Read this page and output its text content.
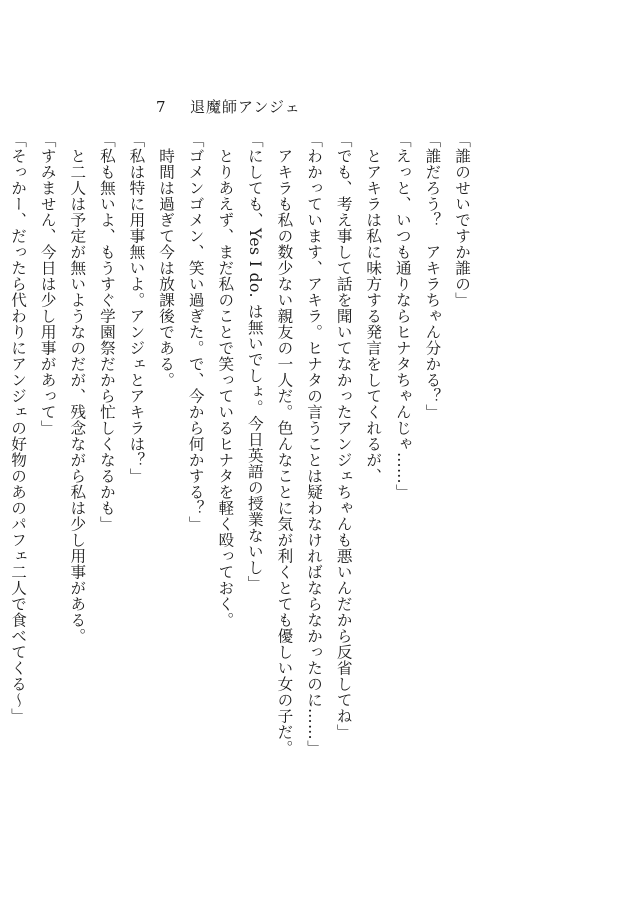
7 退魔師アンジェ
「誰のせいですか誰の」
「誰だろう？　アキラちゃん分かる？」
「えっと、いつも通りならヒナタちゃんじゃ……」
　とアキラは私に味方する発言をしてくれるが、
「でも、考え事して話を聞いてなかったアンジェちゃんも悪いんだから反省してね」
「わかっています、アキラ。ヒナタの言うことは疑わなければならなかったのに……」
　アキラも私の数少ない親友の一人だ。色んなことに気が利くとても優しい女の子だ。
「にしても、Yes I do. は無いでしょ。今日英語の授業ないし」
　とりあえず、まだ私のことで笑っているヒナタを軽く殴っておく。
「ゴメンゴメン、笑い過ぎた。で、今から何かする？」
　時間は過ぎて今は放課後である。
「私は特に用事無いよ。アンジェとアキラは？」
「私も無いよ、もうすぐ学園祭だから忙しくなるかも」
　と二人は予定が無いようなのだが、残念ながら私は少し用事がある。
「すみません、今日は少し用事があって」
「そっかー、だったら代わりにアンジェの好物のあのパフェ二人で食べてくる～」
